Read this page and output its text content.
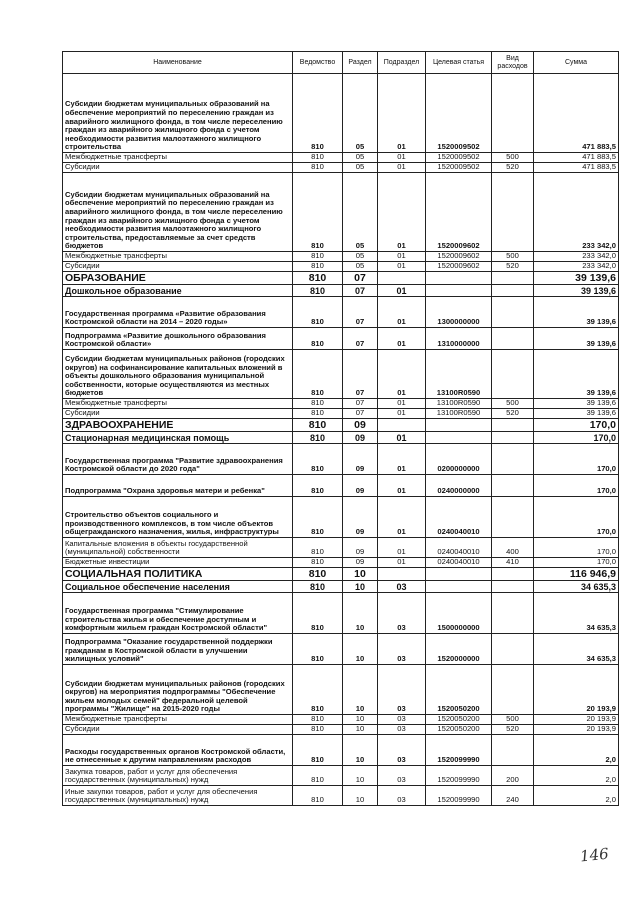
Наименование	Ведомство	Раздел	Подраздел	Целевая статья	Вид расходов	Сумма
Субсидии бюджетам муниципальных образований на обеспечение мероприятий по переселению граждан из аварийного жилищного фонда, в том числе переселению граждан из аварийного жилищного фонда с учетом необходимости развития малоэтажного жилищного строительства	810	05	01	1520009502		471 883,5
Межбюджетные трансферты	810	05	01	1520009502	500	471 883,5
Субсидии	810	05	01	1520009502	520	471 883,5
Субсидии бюджетам муниципальных образований на обеспечение мероприятий по переселению граждан из аварийного жилищного фонда, в том числе переселению граждан из аварийного жилищного фонда с учетом необходимости развития малоэтажного жилищного строительства, предоставляемые за счет средств бюджетов	810	05	01	1520009602		233 342,0
Межбюджетные трансферты	810	05	01	1520009602	500	233 342,0
Субсидии	810	05	01	1520009602	520	233 342,0
ОБРАЗОВАНИЕ	810	07				39 139,6
Дошкольное образование	810	07	01			39 139,6
Государственная программа «Развитие образования Костромской области на 2014 – 2020 годы»	810	07	01	1300000000		39 139,6
Подпрограмма «Развитие дошкольного образования Костромской области»	810	07	01	1310000000		39 139,6
Субсидии бюджетам муниципальных районов (городских округов) на софинансирование капитальных вложений в объекты дошкольного образования муниципальной собственности, которые осуществляются из местных бюджетов	810	07	01	13100R0590		39 139,6
Межбюджетные трансферты	810	07	01	13100R0590	500	39 139,6
Субсидии	810	07	01	13100R0590	520	39 139,6
ЗДРАВООХРАНЕНИЕ	810	09				170,0
Стационарная медицинская помощь	810	09	01			170,0
Государственная программа "Развитие здравоохранения Костромской области до 2020 года"	810	09	01	0200000000		170,0
Подпрограмма "Охрана здоровья матери и ребенка"	810	09	01	0240000000		170,0
Строительство объектов социального и производственного комплексов, в том числе объектов общегражданского назначения, жилья, инфраструктуры	810	09	01	0240040010		170,0
Капитальные вложения в объекты государственной (муниципальной) собственности	810	09	01	0240040010	400	170,0
Бюджетные инвестиции	810	09	01	0240040010	410	170,0
СОЦИАЛЬНАЯ ПОЛИТИКА	810	10				116 946,9
Социальное обеспечение населения	810	10	03			34 635,3
Государственная программа "Стимулирование строительства жилья и обеспечение доступным и комфортным жильем граждан Костромской области"	810	10	03	1500000000		34 635,3
Подпрограмма "Оказание государственной поддержки гражданам в Костромской области в улучшении жилищных условий"	810	10	03	1520000000		34 635,3
Субсидии бюджетам муниципальных районов (городских округов) на мероприятия подпрограммы "Обеспечение жильем молодых семей" федеральной целевой программы "Жилище" на 2015-2020 годы	810	10	03	1520050200		20 193,9
Межбюджетные трансферты	810	10	03	1520050200	500	20 193,9
Субсидии	810	10	03	1520050200	520	20 193,9
Расходы государственных органов Костромской области, не отнесенные к другим направлениям расходов	810	10	03	1520099990		2,0
Закупка товаров, работ и услуг для обеспечения государственных (муниципальных) нужд	810	10	03	1520099990	200	2,0
Иные закупки товаров, работ и услуг для обеспечения государственных (муниципальных) нужд	810	10	03	1520099990	240	2,0
146
